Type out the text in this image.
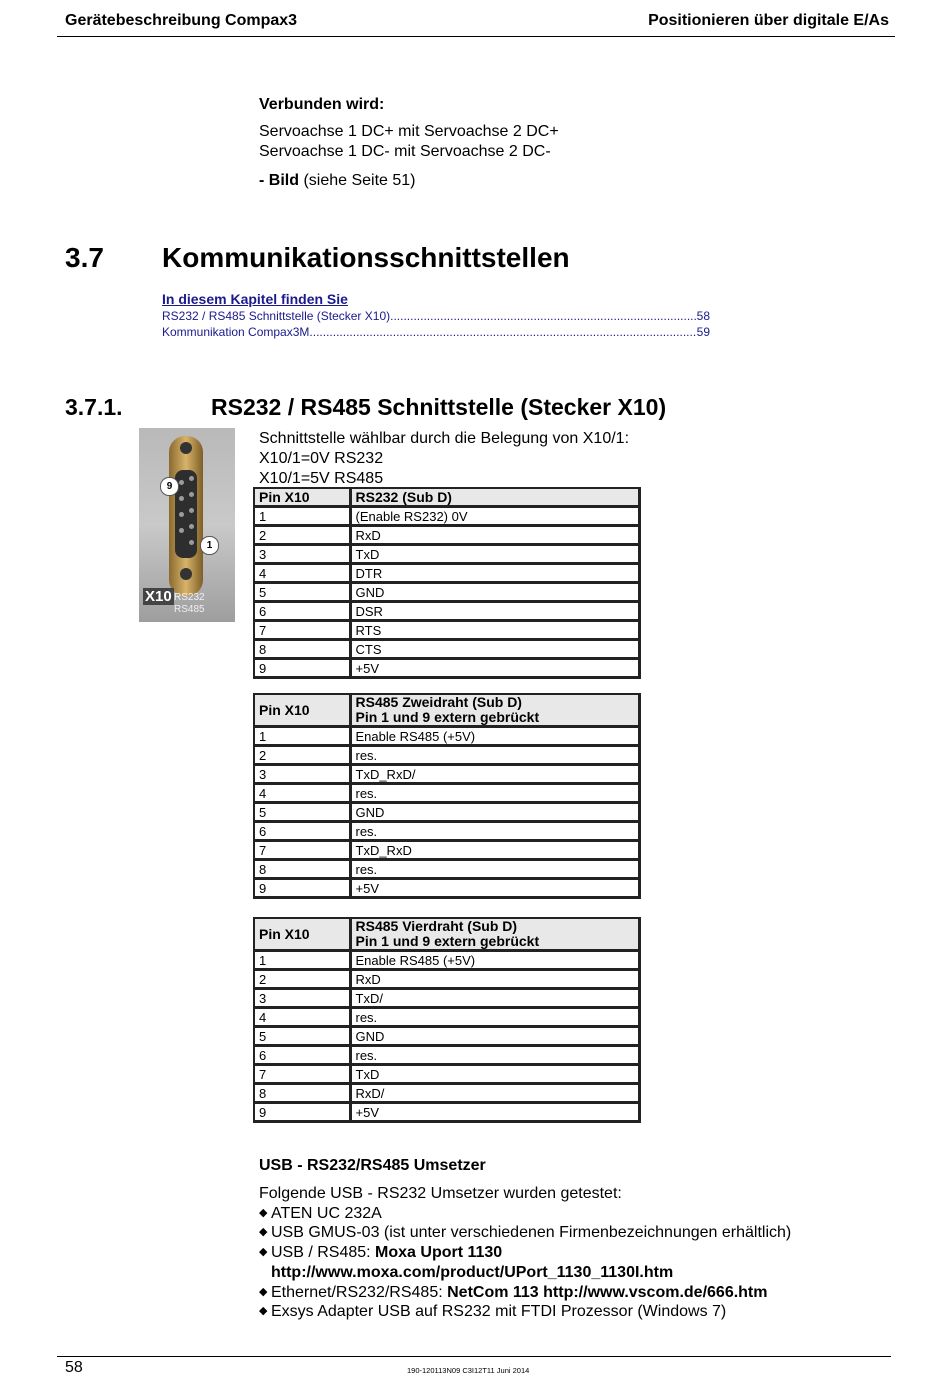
Gerätebeschreibung Compax3	Positionieren über digitale E/As
Verbunden wird:
Servoachse 1 DC+ mit Servoachse 2 DC+
Servoachse 1 DC- mit Servoachse 2 DC-
- Bild (siehe Seite 51)
3.7 Kommunikationsschnittstellen
In diesem Kapitel finden Sie
RS232 / RS485 Schnittstelle (Stecker X10) .....	58
Kommunikation Compax3M .....	59
3.7.1.	RS232 / RS485 Schnittstelle (Stecker X10)
9
1
X10 RS232
RS485
Schnittstelle wählbar durch die Belegung von X10/1:
X10/1=0V RS232
X10/1=5V RS485
Pin X10	RS232 (Sub D)
1	(Enable RS232) 0V
2	RxD
3	TxD
4	DTR
5	GND
6	DSR
7	RTS
8	CTS
9	+5V
Pin X10	RS485 Zweidraht (Sub D)
Pin 1 und 9 extern gebrückt

1	Enable RS485 (+5V)
2	res.
3	TxD_RxD/
4	res.
5	GND
6	res.
7	TxD_RxD
8	res.
9	+5V
Pin X10	RS485 Vierdraht (Sub D)
Pin 1 und 9 extern gebrückt

1	Enable RS485 (+5V)
2	RxD
3	TxD/
4	res.
5	GND
6	res.
7	TxD
8	RxD/
9	+5V
USB - RS232/RS485 Umsetzer
Folgende USB - RS232 Umsetzer wurden getestet:
◆ ATEN UC 232A
◆ USB GMUS-03 (ist unter verschiedenen Firmenbezeichnungen erhältlich)
◆ USB / RS485: Moxa Uport 1130
http://www.moxa.com/product/UPort_1130_1130I.htm
◆ Ethernet/RS232/RS485: NetCom 113 http://www.vscom.de/666.htm
◆ Exsys Adapter USB auf RS232 mit FTDI Prozessor (Windows 7)
58	190-120113N09 C3I12T11 Juni 2014
